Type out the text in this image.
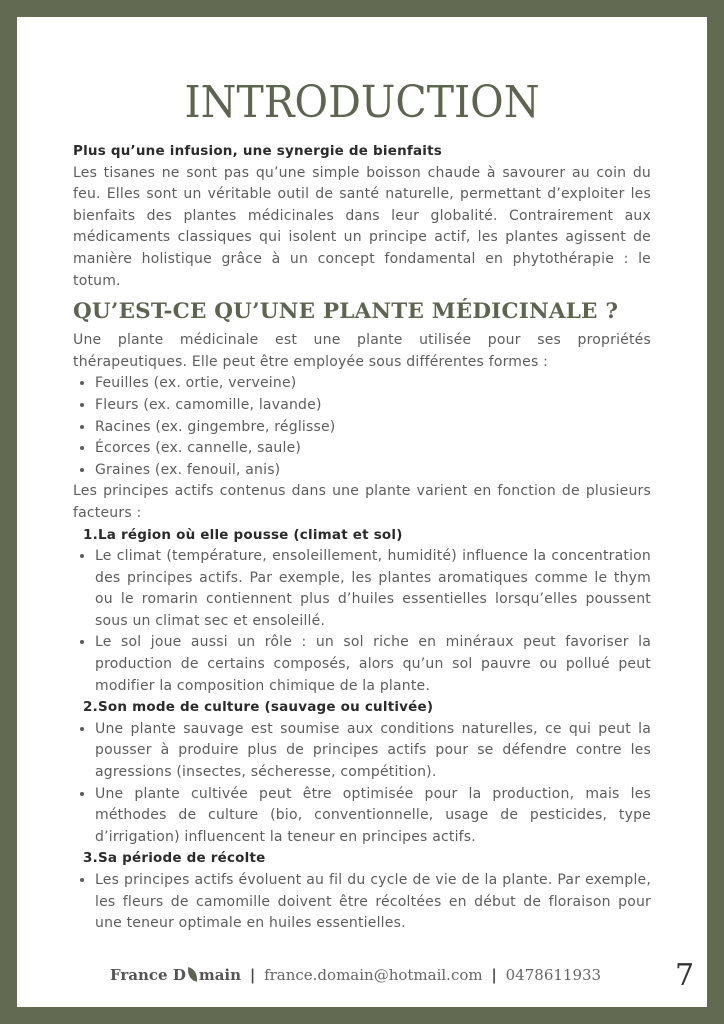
INTRODUCTION
Plus qu’une infusion, une synergie de bienfaits

Les tisanes ne sont pas qu’une simple boisson chaude à savourer au coin du feu. Elles sont un véritable outil de santé naturelle, permettant d’exploiter les bienfaits des plantes médicinales dans leur globalité. Contrairement aux médicaments classiques qui isolent un principe actif, les plantes agissent de manière holistique grâce à un concept fondamental en phytothérapie : le totum.

QU’EST-CE QU’UNE PLANTE MÉDICINALE ?

Une plante médicinale est une plante utilisée pour ses propriétés thérapeutiques. Elle peut être employée sous différentes formes :

• Feuilles (ex. ortie, verveine)
• Fleurs (ex. camomille, lavande)
• Racines (ex. gingembre, réglisse)
• Écorces (ex. cannelle, saule)
• Graines (ex. fenouil, anis)

Les principes actifs contenus dans une plante varient en fonction de plusieurs facteurs :

1.La région où elle pousse (climat et sol)
• Le climat (température, ensoleillement, humidité) influence la concentration des principes actifs. Par exemple, les plantes aromatiques comme le thym ou le romarin contiennent plus d’huiles essentielles lorsqu’elles poussent sous un climat sec et ensoleillé.
• Le sol joue aussi un rôle : un sol riche en minéraux peut favoriser la production de certains composés, alors qu’un sol pauvre ou pollué peut modifier la composition chimique de la plante.
2.Son mode de culture (sauvage ou cultivée)
• Une plante sauvage est soumise aux conditions naturelles, ce qui peut la pousser à produire plus de principes actifs pour se défendre contre les agressions (insectes, sécheresse, compétition).
• Une plante cultivée peut être optimisée pour la production, mais les méthodes de culture (bio, conventionnelle, usage de pesticides, type d’irrigation) influencent la teneur en principes actifs.
3.Sa période de récolte
• Les principes actifs évoluent au fil du cycle de vie de la plante. Par exemple, les fleurs de camomille doivent être récoltées en début de floraison pour une teneur optimale en huiles essentielles.
France D main | france.domain@hotmail.com | 0478611933	7
